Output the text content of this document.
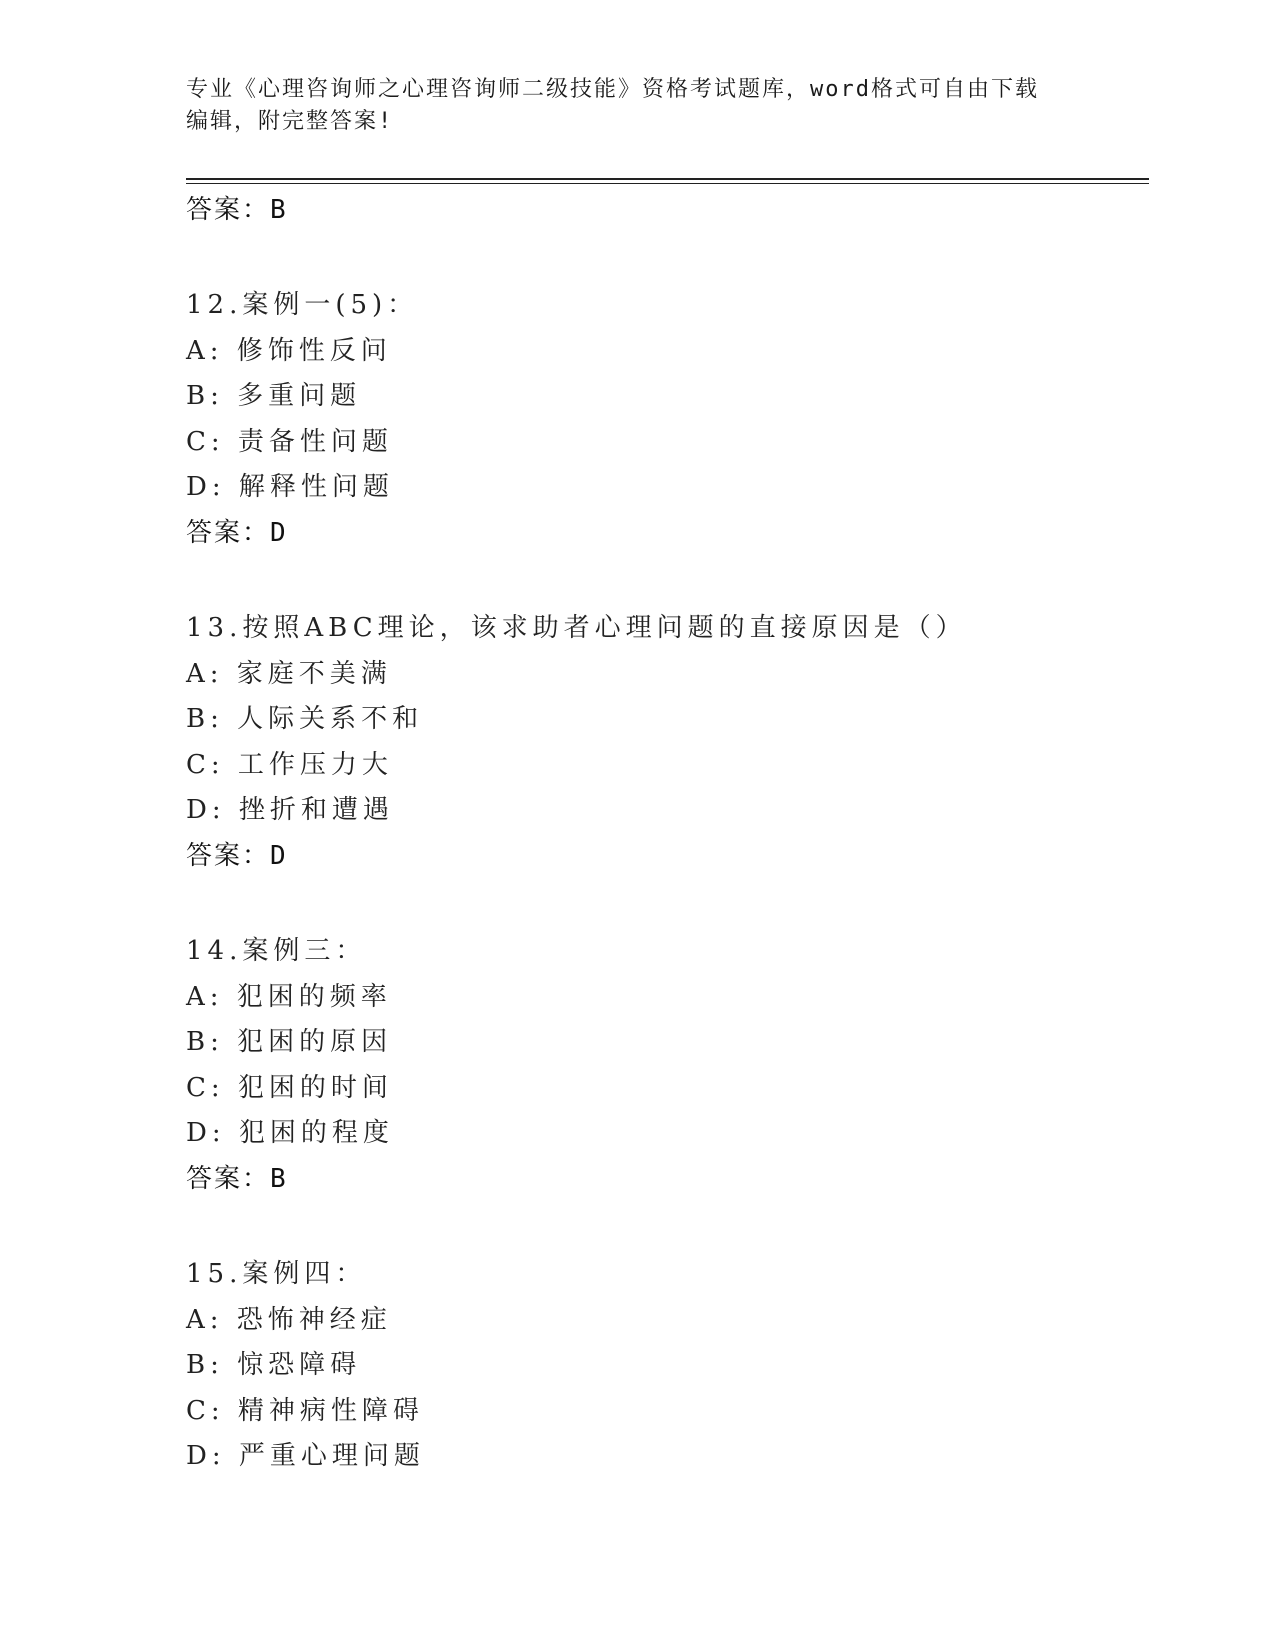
专业《心理咨询师之心理咨询师二级技能》资格考试题库，word格式可自由下载
编辑，附完整答案!
答案：B
12.案例一(5)：
A: 修饰性反问
B: 多重问题
C: 责备性问题
D: 解释性问题
答案：D
13.按照ABC理论，该求助者心理问题的直接原因是（）
A: 家庭不美满
B: 人际关系不和
C: 工作压力大
D: 挫折和遭遇
答案：D
14.案例三：
A: 犯困的频率
B: 犯困的原因
C: 犯困的时间
D: 犯困的程度
答案：B
15.案例四：
A: 恐怖神经症
B: 惊恐障碍
C: 精神病性障碍
D: 严重心理问题
